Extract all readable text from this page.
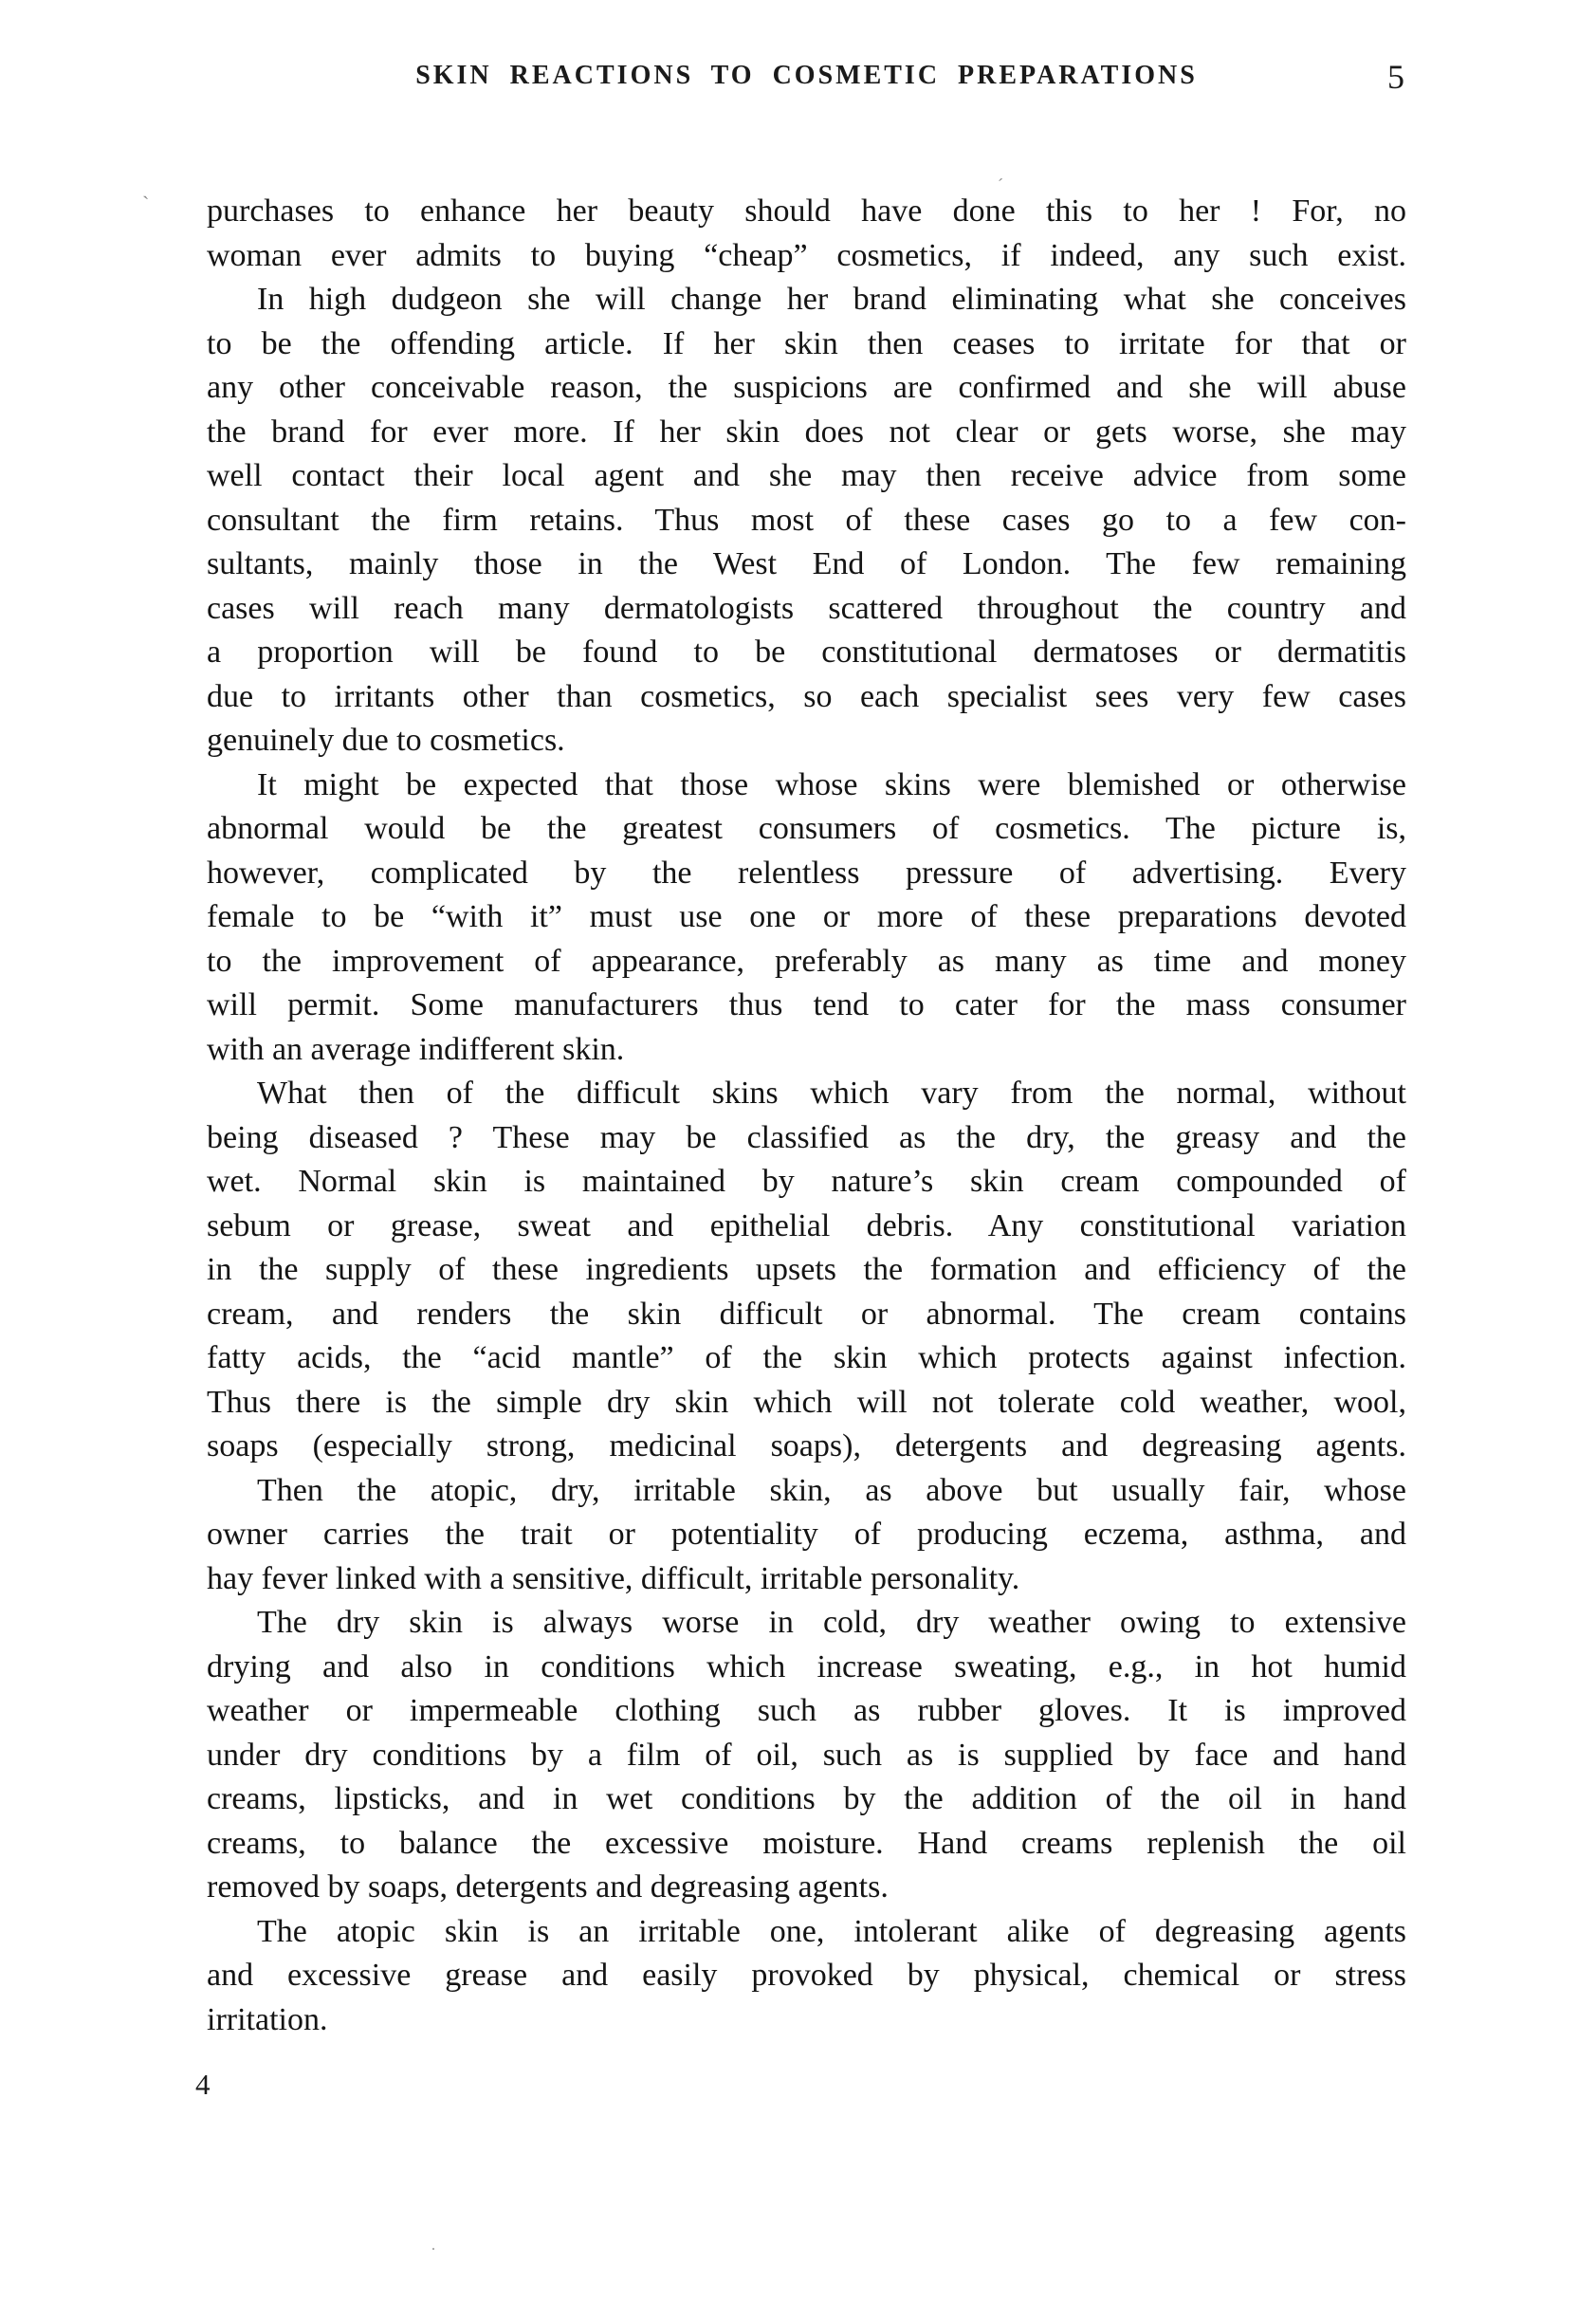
SKIN REACTIONS TO COSMETIC PREPARATIONS	5
purchases to enhance her beauty should have done this to her ! For, no
woman ever admits to buying “cheap” cosmetics, if indeed, any such exist.
In high dudgeon she will change her brand eliminating what she conceives
to be the offending article. If her skin then ceases to irritate for that or
any other conceivable reason, the suspicions are confirmed and she will abuse
the brand for ever more. If her skin does not clear or gets worse, she may
well contact their local agent and she may then receive advice from some
consultant the firm retains. Thus most of these cases go to a few con-
sultants, mainly those in the West End of London. The few remaining
cases will reach many dermatologists scattered throughout the country and
a proportion will be found to be constitutional dermatoses or dermatitis
due to irritants other than cosmetics, so each specialist sees very few cases
genuinely due to cosmetics.
It might be expected that those whose skins were blemished or otherwise
abnormal would be the greatest consumers of cosmetics. The picture is,
however, complicated by the relentless pressure of advertising. Every
female to be “with it” must use one or more of these preparations devoted
to the improvement of appearance, preferably as many as time and money
will permit. Some manufacturers thus tend to cater for the mass consumer
with an average indifferent skin.
What then of the difficult skins which vary from the normal, without
being diseased ? These may be classified as the dry, the greasy and the
wet. Normal skin is maintained by nature’s skin cream compounded of
sebum or grease, sweat and epithelial debris. Any constitutional variation
in the supply of these ingredients upsets the formation and efficiency of the
cream, and renders the skin difficult or abnormal. The cream contains
fatty acids, the “acid mantle” of the skin which protects against infection.
Thus there is the simple dry skin which will not tolerate cold weather, wool,
soaps (especially strong, medicinal soaps), detergents and degreasing agents.
Then the atopic, dry, irritable skin, as above but usually fair, whose
owner carries the trait or potentiality of producing eczema, asthma, and
hay fever linked with a sensitive, difficult, irritable personality.
The dry skin is always worse in cold, dry weather owing to extensive
drying and also in conditions which increase sweating, e.g., in hot humid
weather or impermeable clothing such as rubber gloves. It is improved
under dry conditions by a film of oil, such as is supplied by face and hand
creams, lipsticks, and in wet conditions by the addition of the oil in hand
creams, to balance the excessive moisture. Hand creams replenish the oil
removed by soaps, detergents and degreasing agents.
The atopic skin is an irritable one, intolerant alike of degreasing agents
and excessive grease and easily provoked by physical, chemical or stress
irritation.
4
ˋ
ˊ
.
